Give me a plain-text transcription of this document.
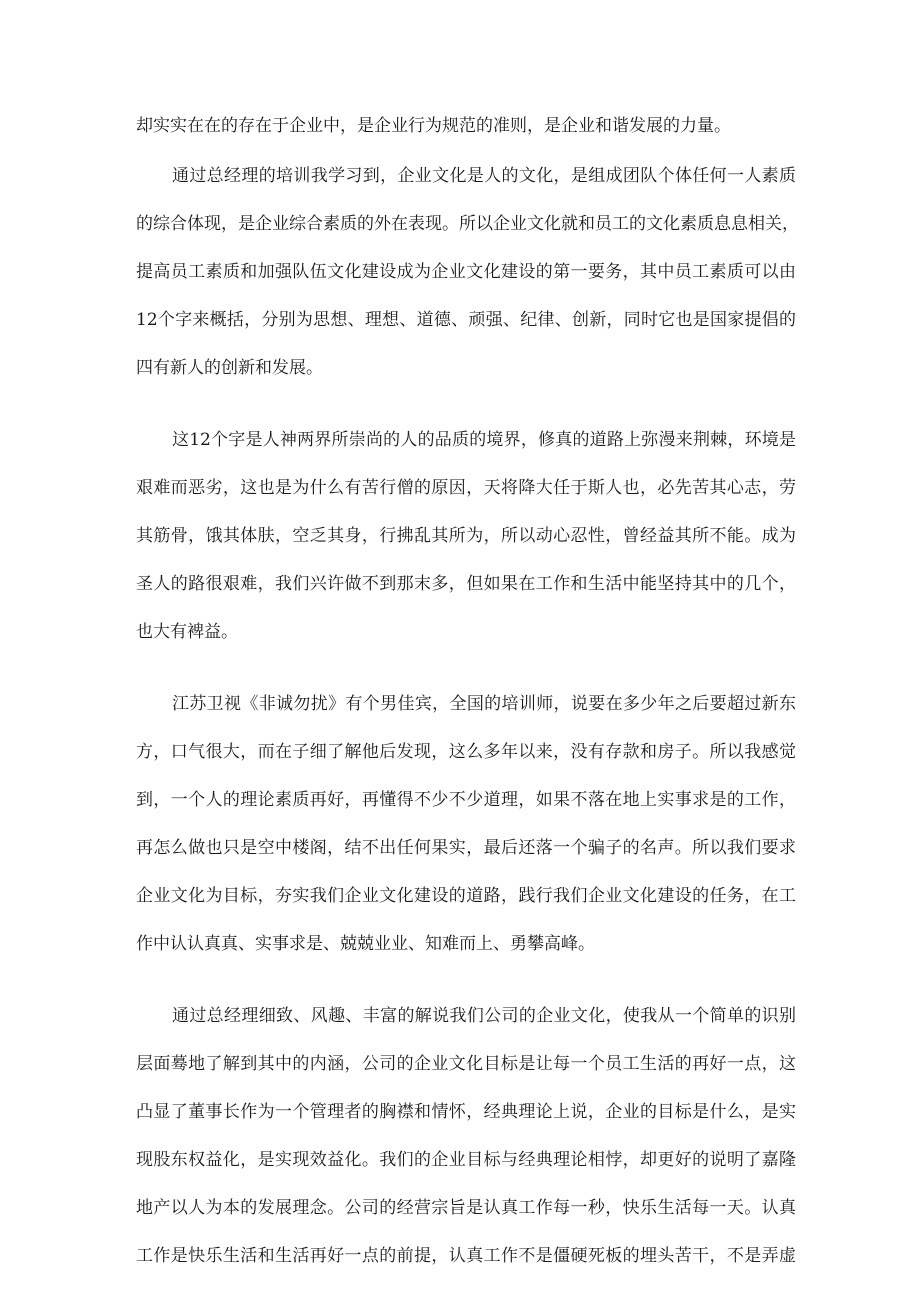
却实实在在的存在于企业中，是企业行为规范的准则，是企业和谐发展的力量。
通过总经理的培训我学习到，企业文化是人的文化，是组成团队个体任何一人素质
的综合体现，是企业综合素质的外在表现。所以企业文化就和员工的文化素质息息相关，
提高员工素质和加强队伍文化建设成为企业文化建设的第一要务，其中员工素质可以由
12个字来概括，分别为思想、理想、道德、顽强、纪律、创新，同时它也是国家提倡的
四有新人的创新和发展。
这12个字是人神两界所崇尚的人的品质的境界，修真的道路上弥漫来荆棘，环境是
艰难而恶劣，这也是为什么有苦行僧的原因，天将降大任于斯人也，必先苦其心志，劳
其筋骨，饿其体肤，空乏其身，行拂乱其所为，所以动心忍性，曾经益其所不能。成为
圣人的路很艰难，我们兴许做不到那末多，但如果在工作和生活中能坚持其中的几个，
也大有裨益。
江苏卫视《非诚勿扰》有个男佳宾，全国的培训师，说要在多少年之后要超过新东
方，口气很大，而在子细了解他后发现，这么多年以来，没有存款和房子。所以我感觉
到，一个人的理论素质再好，再懂得不少不少道理，如果不落在地上实事求是的工作，
再怎么做也只是空中楼阁，结不出任何果实，最后还落一个骗子的名声。所以我们要求
企业文化为目标，夯实我们企业文化建设的道路，践行我们企业文化建设的任务，在工
作中认认真真、实事求是、兢兢业业、知难而上、勇攀高峰。
通过总经理细致、风趣、丰富的解说我们公司的企业文化，使我从一个简单的识别
层面蓦地了解到其中的内涵，公司的企业文化目标是让每一个员工生活的再好一点，这
凸显了董事长作为一个管理者的胸襟和情怀，经典理论上说，企业的目标是什么，是实
现股东权益化，是实现效益化。我们的企业目标与经典理论相悖，却更好的说明了嘉隆
地产以人为本的发展理念。公司的经营宗旨是认真工作每一秒，快乐生活每一天。认真
工作是快乐生活和生活再好一点的前提，认真工作不是僵硬死板的埋头苦干，不是弄虚
